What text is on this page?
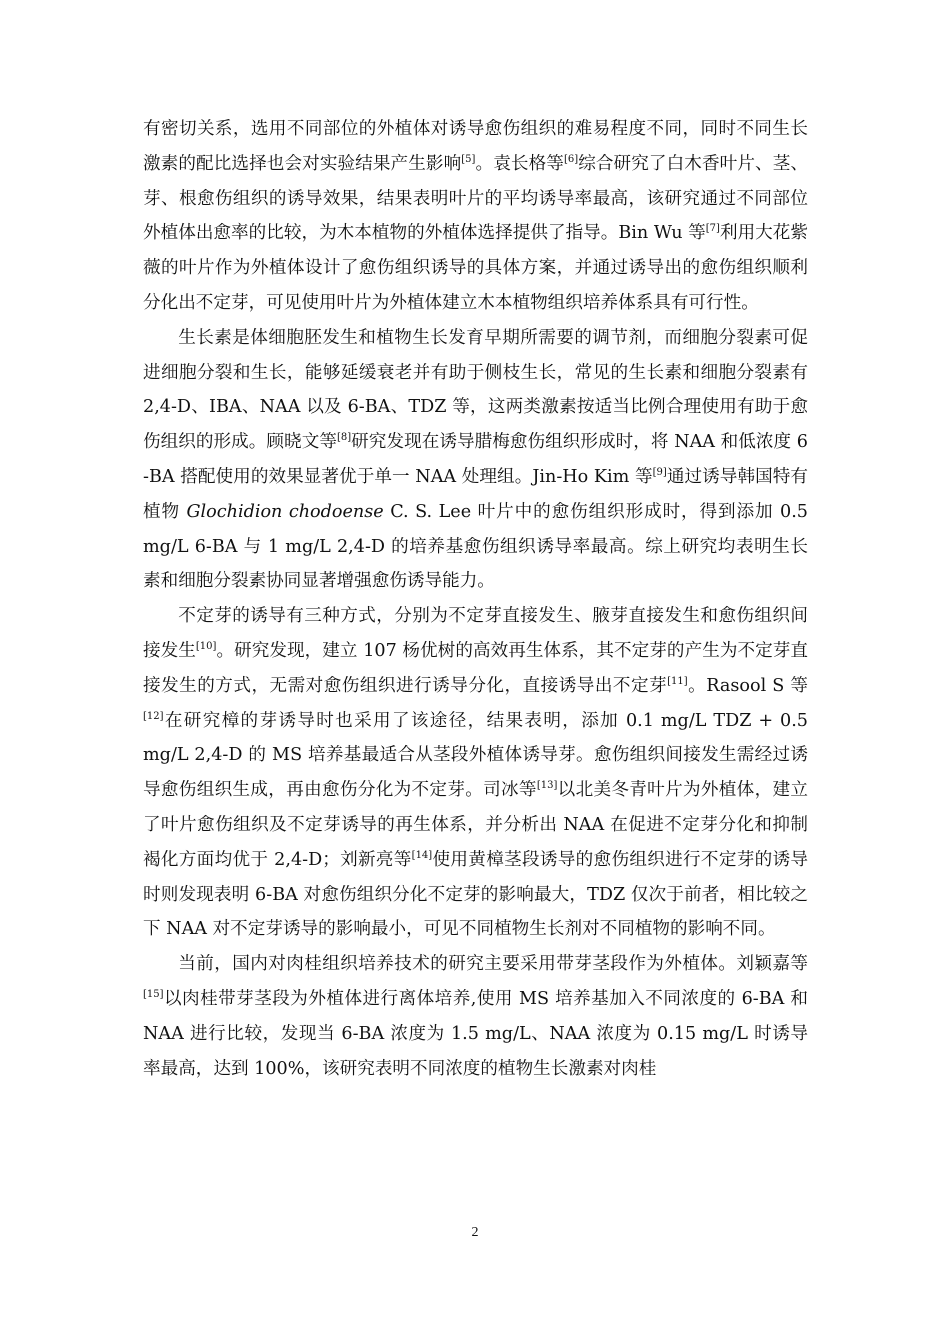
有密切关系，选用不同部位的外植体对诱导愈伤组织的难易程度不同，同时不同生长激素的配比选择也会对实验结果产生影响[5]。袁长格等[6]综合研究了白木香叶片、茎、芽、根愈伤组织的诱导效果，结果表明叶片的平均诱导率最高，该研究通过不同部位外植体出愈率的比较，为木本植物的外植体选择提供了指导。Bin Wu 等[7]利用大花紫薇的叶片作为外植体设计了愈伤组织诱导的具体方案，并通过诱导出的愈伤组织顺利分化出不定芽，可见使用叶片为外植体建立木本植物组织培养体系具有可行性。

生长素是体细胞胚发生和植物生长发育早期所需要的调节剂，而细胞分裂素可促进细胞分裂和生长，能够延缓衰老并有助于侧枝生长，常见的生长素和细胞分裂素有 2,4-D、IBA、NAA 以及 6-BA、TDZ 等，这两类激素按适当比例合理使用有助于愈伤组织的形成。顾晓文等[8]研究发现在诱导腊梅愈伤组织形成时，将 NAA 和低浓度 6 -BA 搭配使用的效果显著优于单一 NAA 处理组。Jin-Ho Kim 等[9]通过诱导韩国特有植物 Glochidion chodoense C. S. Lee 叶片中的愈伤组织形成时，得到添加 0.5 mg/L 6-BA 与 1 mg/L 2,4-D 的培养基愈伤组织诱导率最高。综上研究均表明生长素和细胞分裂素协同显著增强愈伤诱导能力。

不定芽的诱导有三种方式，分别为不定芽直接发生、腋芽直接发生和愈伤组织间接发生[10]。研究发现，建立 107 杨优树的高效再生体系，其不定芽的产生为不定芽直接发生的方式，无需对愈伤组织进行诱导分化，直接诱导出不定芽[11]。Rasool S 等[12]在研究樟的芽诱导时也采用了该途径，结果表明，添加 0.1 mg/L TDZ + 0.5 mg/L 2,4-D 的 MS 培养基最适合从茎段外植体诱导芽。愈伤组织间接发生需经过诱导愈伤组织生成，再由愈伤分化为不定芽。司冰等[13]以北美冬青叶片为外植体，建立了叶片愈伤组织及不定芽诱导的再生体系，并分析出 NAA 在促进不定芽分化和抑制褐化方面均优于 2,4-D；刘新亮等[14]使用黄樟茎段诱导的愈伤组织进行不定芽的诱导时则发现表明 6-BA 对愈伤组织分化不定芽的影响最大，TDZ 仅次于前者，相比较之下 NAA 对不定芽诱导的影响最小，可见不同植物生长剂对不同植物的影响不同。

当前，国内对肉桂组织培养技术的研究主要采用带芽茎段作为外植体。刘颖嘉等[15]以肉桂带芽茎段为外植体进行离体培养,使用 MS 培养基加入不同浓度的 6-BA 和 NAA 进行比较，发现当 6-BA 浓度为 1.5 mg/L、NAA 浓度为 0.15 mg/L 时诱导率最高，达到 100%，该研究表明不同浓度的植物生长激素对肉桂

2
